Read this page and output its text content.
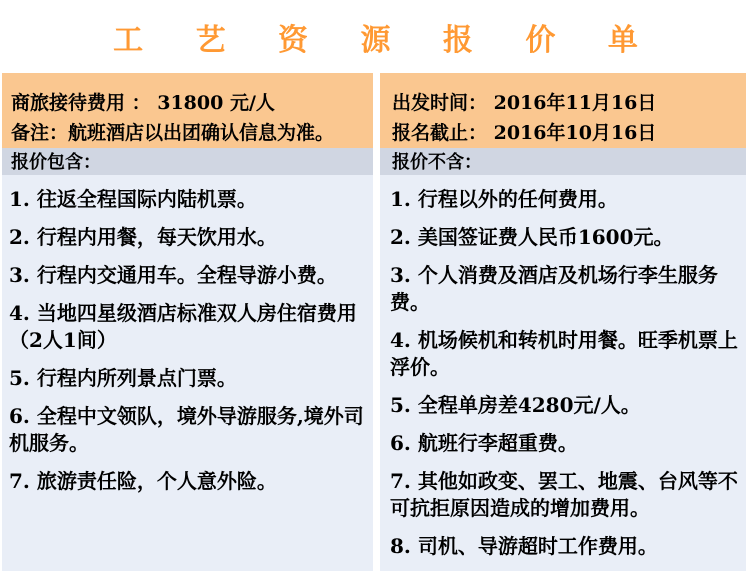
工 艺 资 源 报 价 单
商旅接待费用 ： 31800 元/人
备注：航班酒店以出团确认信息为准。
出发时间： 2016年11月16日
报名截止： 2016年10月16日
报价包含：	报价不含：
1. 往返全程国际内陆机票。
2. 行程内用餐，每天饮用水。
3. 行程内交通用车。全程导游小费。
4. 当地四星级酒店标准双人房住宿费用（2人1间）
5. 行程内所列景点门票。
6. 全程中文领队，境外导游服务,境外司机服务。
7. 旅游责任险，个人意外险。
1. 行程以外的任何费用。
2. 美国签证费人民币1600元。
3. 个人消费及酒店及机场行李生服务费。
4. 机场候机和转机时用餐。旺季机票上浮价。
5. 全程单房差4280元/人。
6. 航班行李超重费。
7. 其他如政变、罢工、地震、台风等不可抗拒原因造成的增加费用。
8. 司机、导游超时工作费用。
